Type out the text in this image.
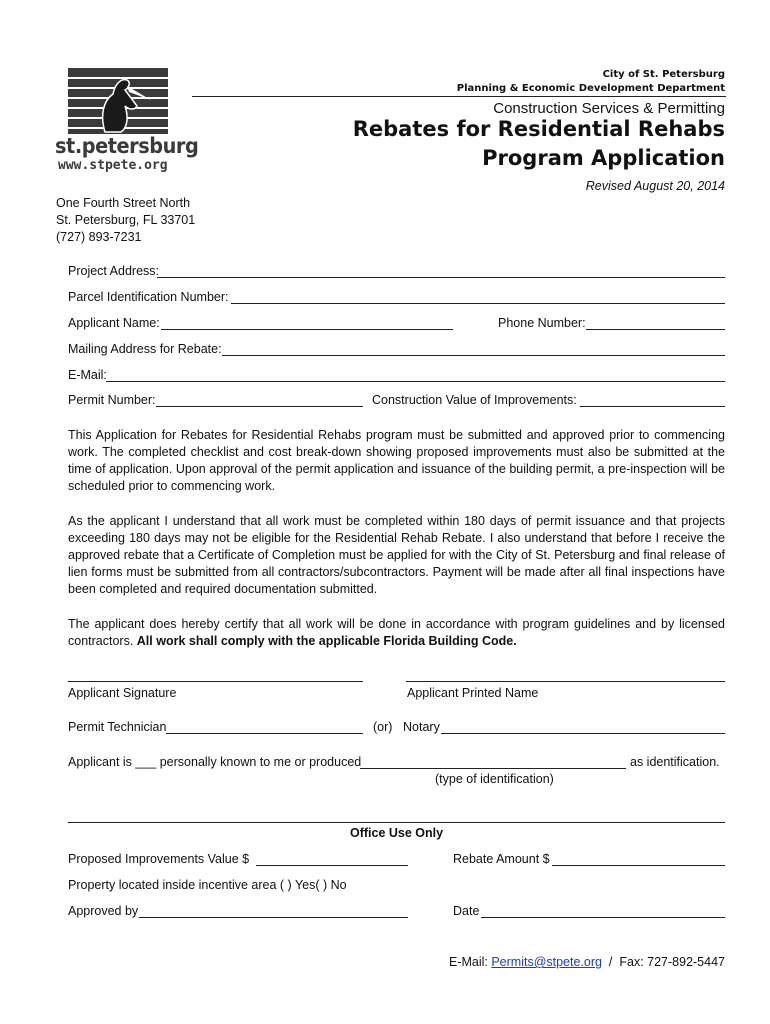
st.petersburg
www.stpete.org
City of St. Petersburg
Planning & Economic Development Department
Construction Services & Permitting
Rebates for Residential Rehabs
Program Application
Revised August 20, 2014
One Fourth Street North
St. Petersburg, FL 33701
(727) 893-7231
Project Address:
Parcel Identification Number:
Applicant Name:	Phone Number:
Mailing Address for Rebate:
E-Mail:
Permit Number:	Construction Value of Improvements:
This Application for Rebates for Residential Rehabs program must be submitted and approved prior to commencing work. The completed checklist and cost break-down showing proposed improvements must also be submitted at the time of application. Upon approval of the permit application and issuance of the building permit, a pre-inspection will be scheduled prior to commencing work.
As the applicant I understand that all work must be completed within 180 days of permit issuance and that projects exceeding 180 days may not be eligible for the Residential Rehab Rebate. I also understand that before I receive the approved rebate that a Certificate of Completion must be applied for with the City of St. Petersburg and final release of lien forms must be submitted from all contractors/subcontractors. Payment will be made after all final inspections have been completed and required documentation submitted.
The applicant does hereby certify that all work will be done in accordance with program guidelines and by licensed contractors. All work shall comply with the applicable Florida Building Code.
Applicant Signature	Applicant Printed Name
Permit Technician	(or) Notary
Applicant is ___ personally known to me or produced	as identification.
(type of identification)
Office Use Only
Proposed Improvements Value $	Rebate Amount $
Property located inside incentive area ( ) Yes( ) No
Approved by	Date
E-Mail: Permits@stpete.org  /  Fax: 727-892-5447
